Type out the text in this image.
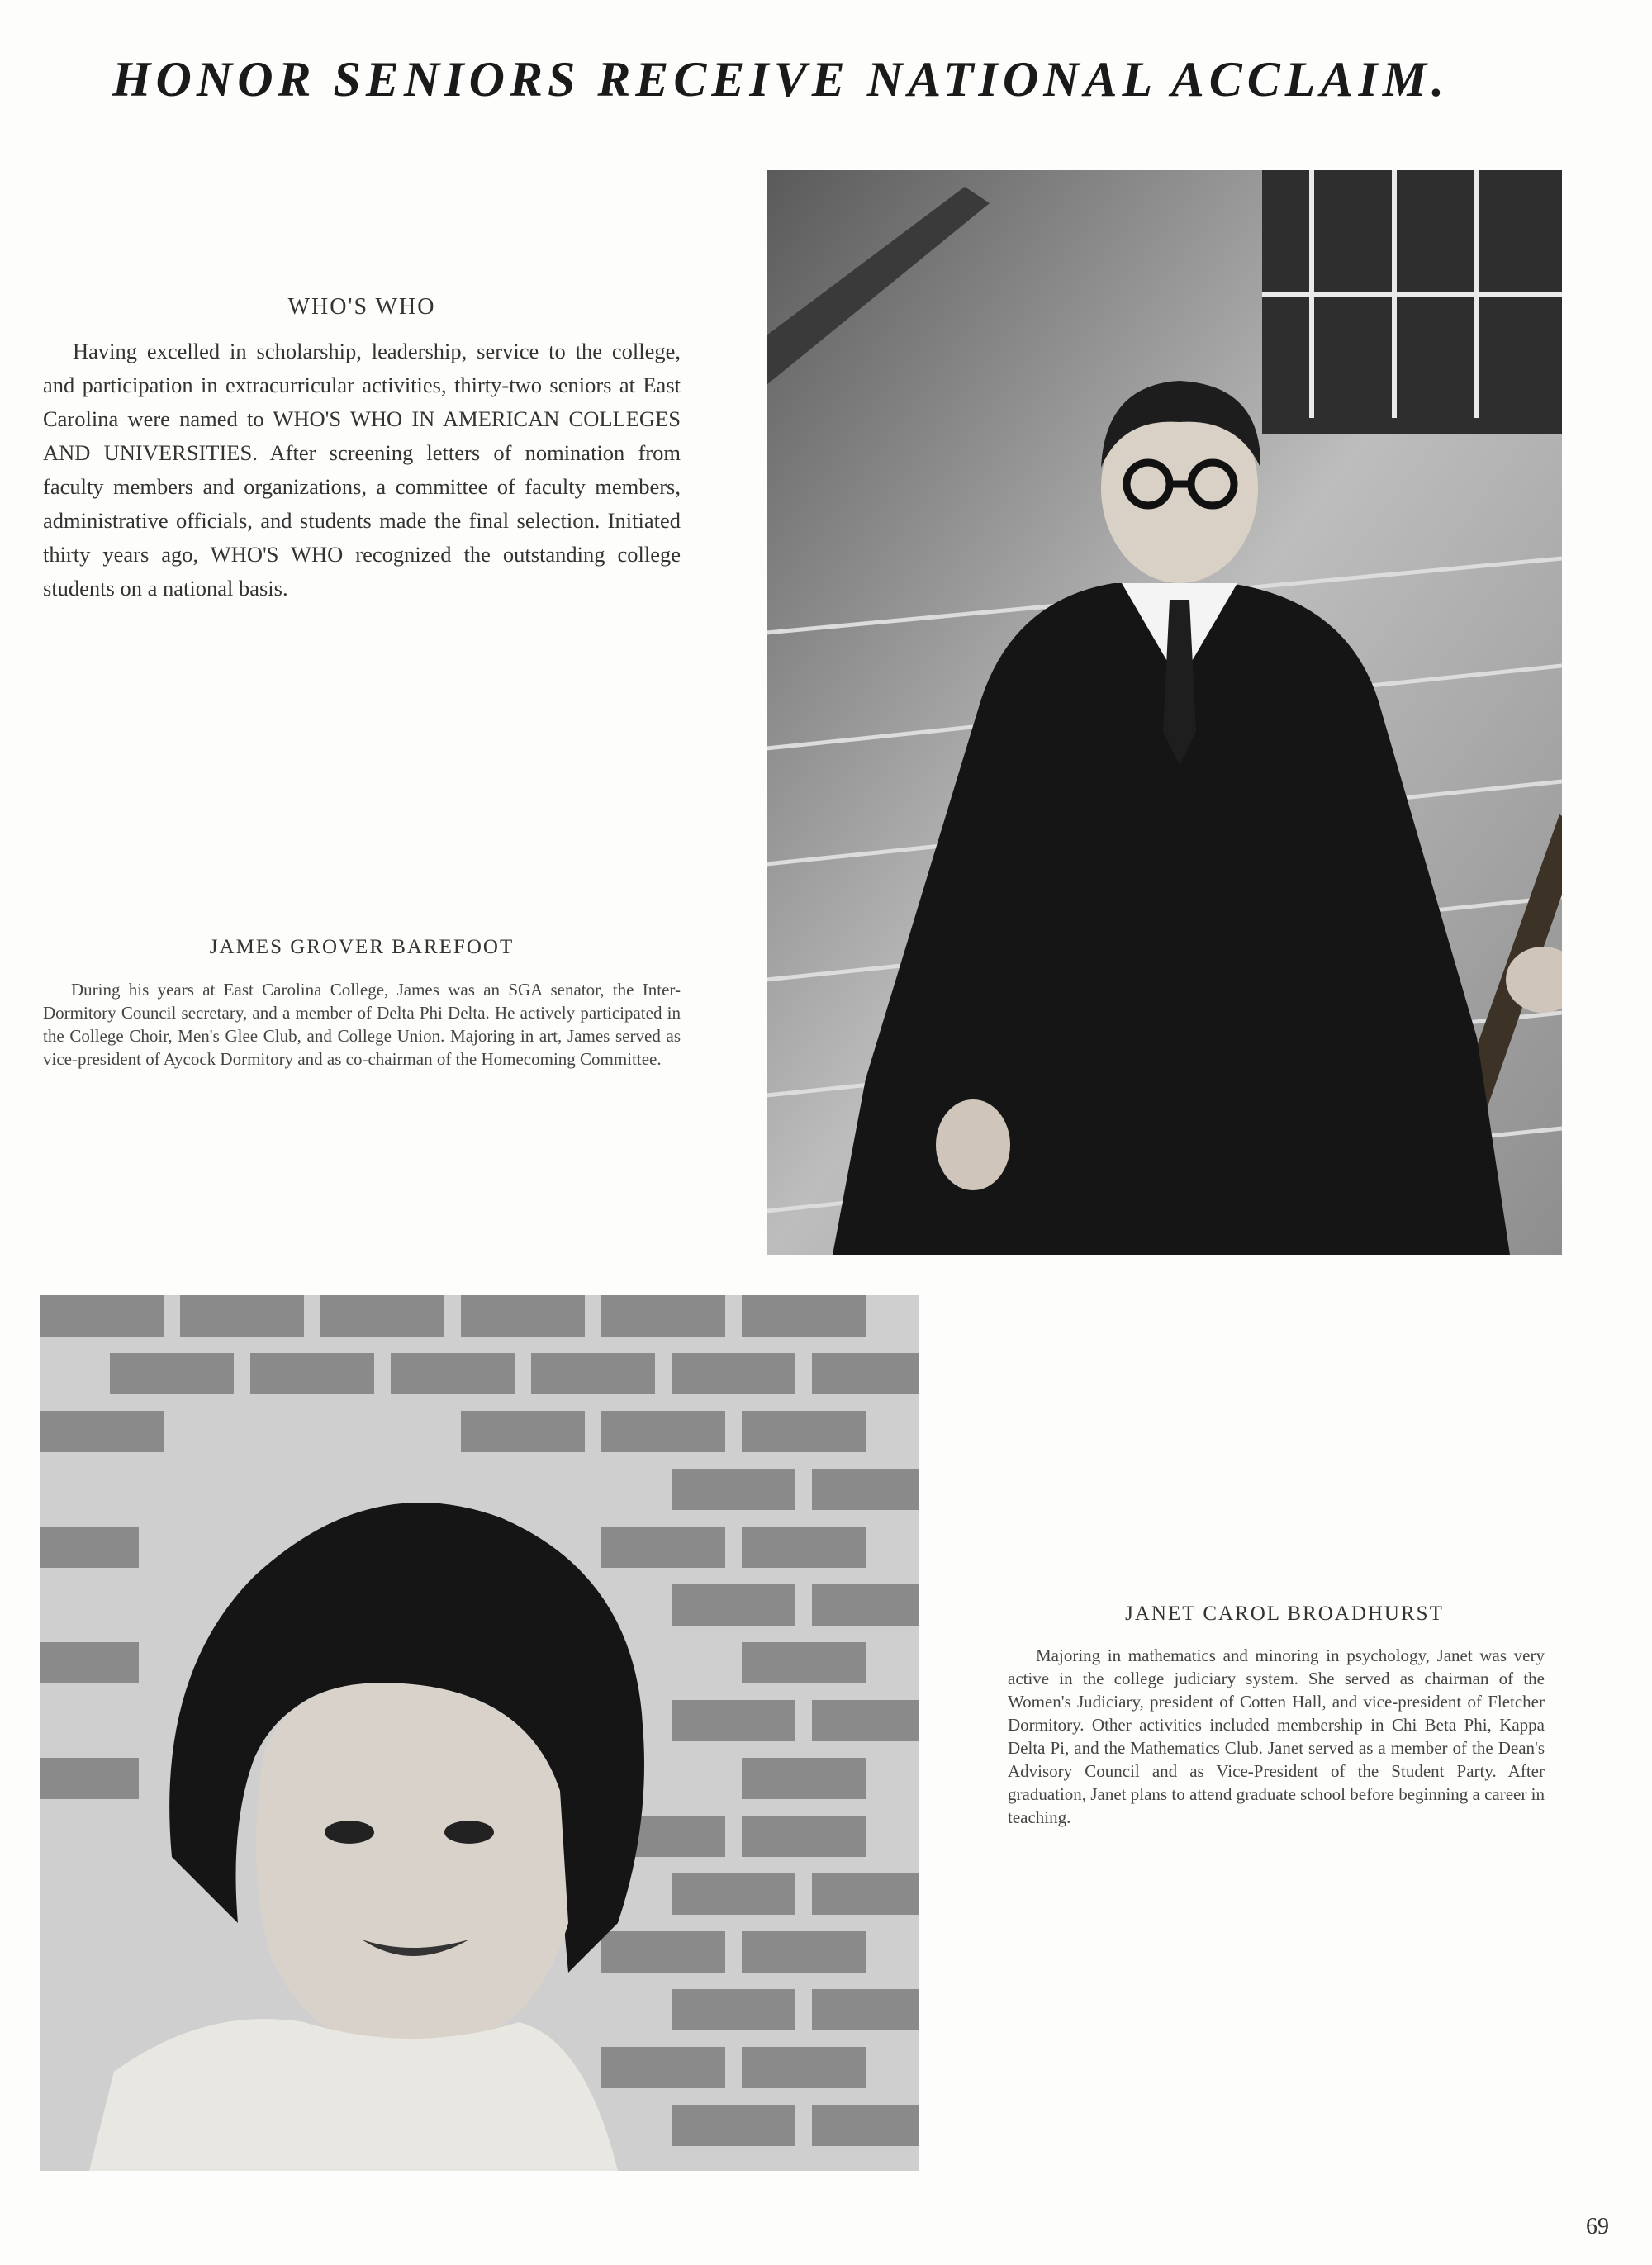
HONOR SENIORS RECEIVE NATIONAL ACCLAIM.
WHO'S WHO

Having excelled in scholarship, leadership, service to the college, and participation in extracurricular activities, thirty-two seniors at East Carolina were named to WHO'S WHO IN AMERICAN COLLEGES AND UNIVERSITIES. After screening letters of nomination from faculty members and organizations, a committee of faculty members, administrative officials, and students made the final selection. Initiated thirty years ago, WHO'S WHO recognized the outstanding college students on a national basis.

JAMES GROVER BAREFOOT

During his years at East Carolina College, James was an SGA senator, the Inter-Dormitory Council secretary, and a member of Delta Phi Delta. He actively participated in the College Choir, Men's Glee Club, and College Union. Majoring in art, James served as vice-president of Aycock Dormitory and as co-chairman of the Homecoming Committee.

JANET CAROL BROADHURST

Majoring in mathematics and minoring in psychology, Janet was very active in the college judiciary system. She served as chairman of the Women's Judiciary, president of Cotten Hall, and vice-president of Fletcher Dormitory. Other activities included membership in Chi Beta Phi, Kappa Delta Pi, and the Mathematics Club. Janet served as a member of the Dean's Advisory Council and as Vice-President of the Student Party. After graduation, Janet plans to attend graduate school before beginning a career in teaching.

69
